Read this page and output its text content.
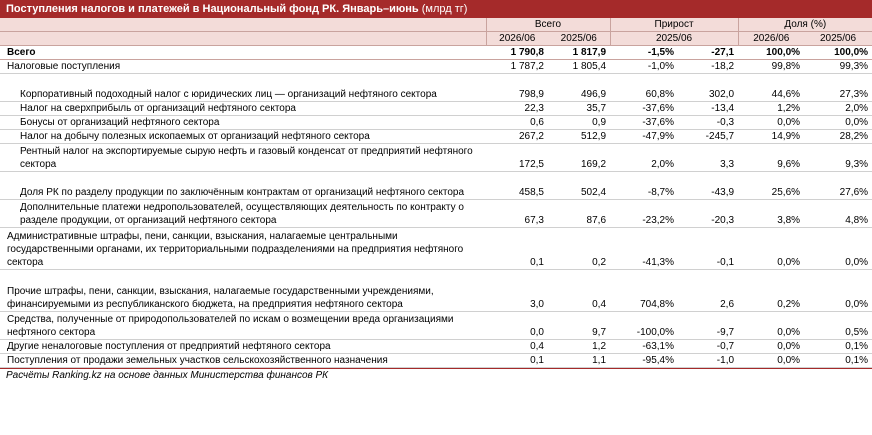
Поступления налогов и платежей в Национальный фонд РК. Январь–июнь (млрд тг)
	Всего		Прирост		Доля (%)	
	2026/06	2025/06	2025/06		2026/06	2025/06
Всего	1 790,8	1 817,9	-1,5%	-27,1	100,0%	100,0%
Налоговые поступления	1 787,2	1 805,4	-1,0%	-18,2	99,8%	99,3%
Корпоративный подоходный налог с юридических лиц — организаций нефтяного сектора	798,9	496,9	60,8%	302,0	44,6%	27,3%
Налог на сверхприбыль от организаций нефтяного сектора	22,3	35,7	-37,6%	-13,4	1,2%	2,0%
Бонусы от организаций нефтяного сектора	0,6	0,9	-37,6%	-0,3	0,0%	0,0%
Налог на добычу полезных ископаемых от организаций нефтяного сектора	267,2	512,9	-47,9%	-245,7	14,9%	28,2%
Рентный налог на экспортируемые сырую нефть и газовый конденсат от предприятий нефтяного сектора	172,5	169,2	2,0%	3,3	9,6%	9,3%
Доля РК по разделу продукции по заключённым контрактам от организаций нефтяного сектора	458,5	502,4	-8,7%	-43,9	25,6%	27,6%
Дополнительные платежи недропользователей, осуществляющих деятельность по контракту о разделе продукции, от организаций нефтяного сектора	67,3	87,6	-23,2%	-20,3	3,8%	4,8%
Административные штрафы, пени, санкции, взыскания, налагаемые центральными государственными органами, их территориальными подразделениями на предприятия нефтяного сектора	0,1	0,2	-41,3%	-0,1	0,0%	0,0%
Прочие штрафы, пени, санкции, взыскания, налагаемые государственными учреждениями, финансируемыми из республиканского бюджета, на предприятия нефтяного сектора	3,0	0,4	704,8%	2,6	0,2%	0,0%
Средства, полученные от природопользователей по искам о возмещении вреда организациями нефтяного сектора	0,0	9,7	-100,0%	-9,7	0,0%	0,5%
Другие неналоговые поступления от предприятий нефтяного сектора	0,4	1,2	-63,1%	-0,7	0,0%	0,1%
Поступления от продажи земельных участков сельскохозяйственного назначения	0,1	1,1	-95,4%	-1,0	0,0%	0,1%
Расчёты Ranking.kz на основе данных Министерства финансов РК
